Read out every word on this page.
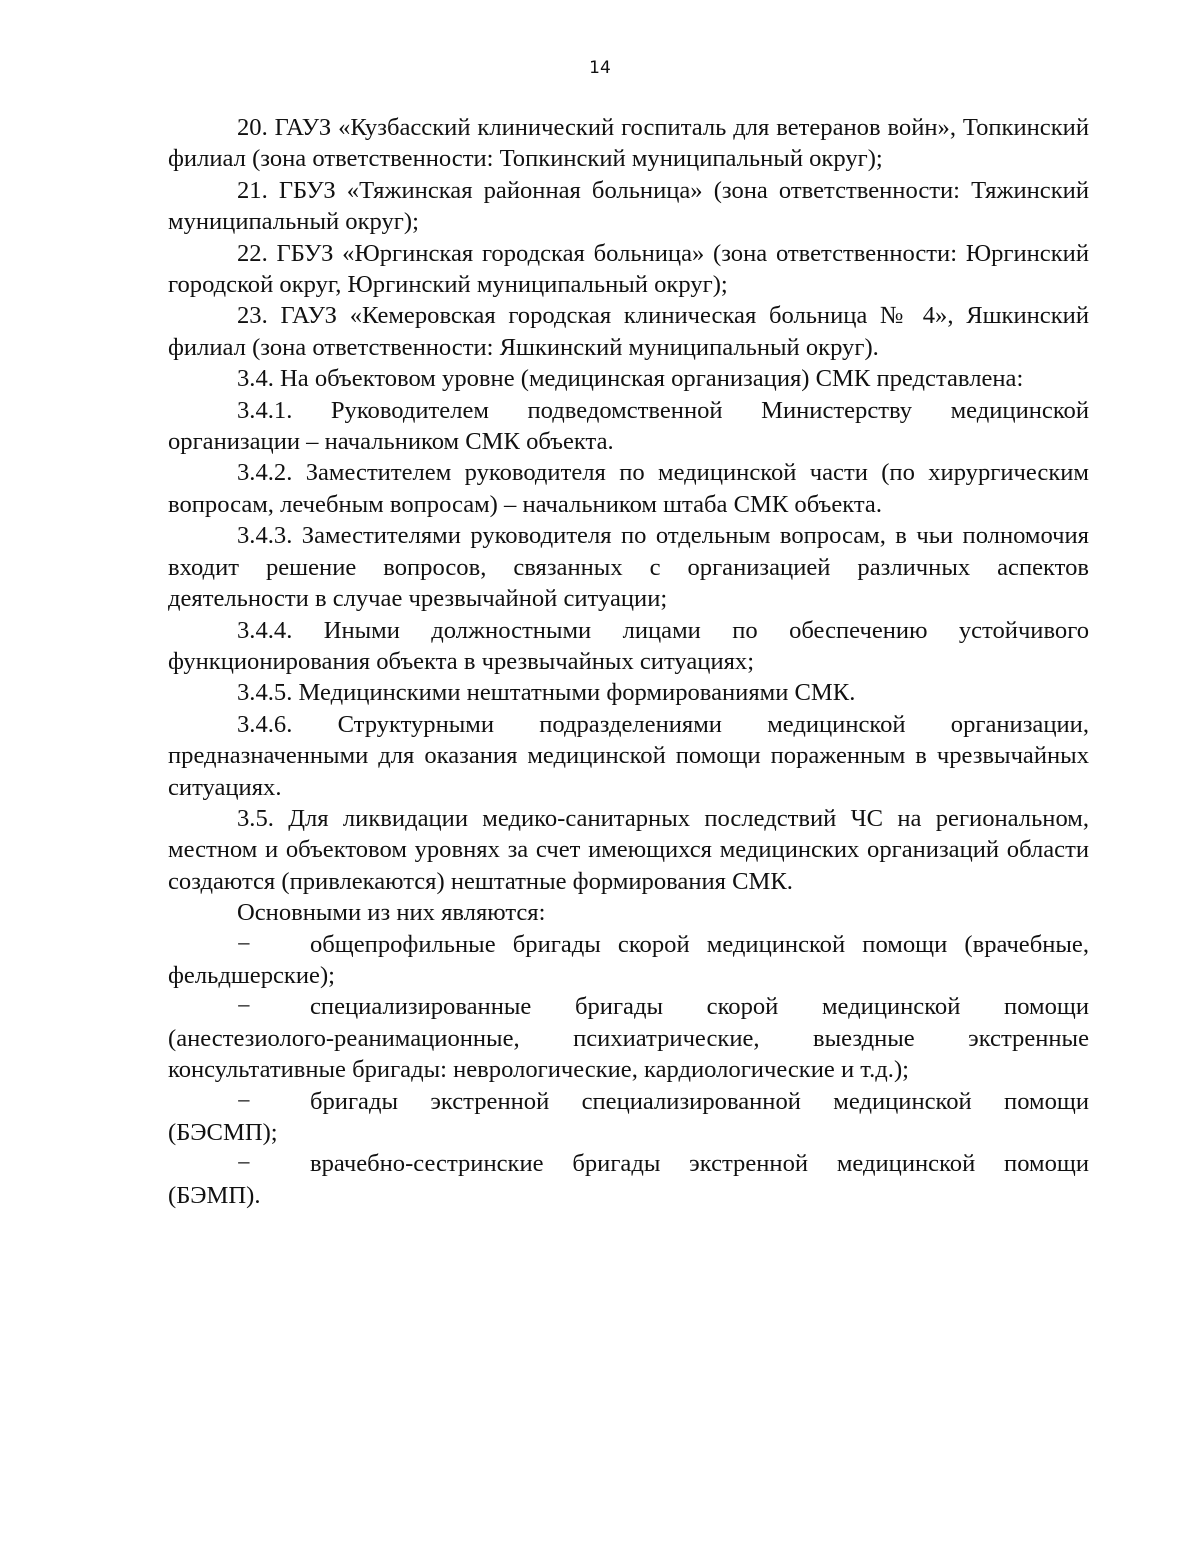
14

20. ГАУЗ «Кузбасский клинический госпиталь для ветеранов войн», Топкинский филиал (зона ответственности: Топкинский муниципальный округ);

21. ГБУЗ «Тяжинская районная больница» (зона ответственности: Тяжинский муниципальный округ);

22. ГБУЗ «Юргинская городская больница» (зона ответственности: Юргинский городской округ, Юргинский муниципальный округ);

23. ГАУЗ «Кемеровская городская клиническая больница № 4», Яшкинский филиал (зона ответственности: Яшкинский муниципальный округ).

3.4. На объектовом уровне (медицинская организация) СМК представлена:

3.4.1. Руководителем подведомственной Министерству медицинской организации – начальником СМК объекта.

3.4.2. Заместителем руководителя по медицинской части (по хирургическим вопросам, лечебным вопросам) – начальником штаба СМК объекта.

3.4.3. Заместителями руководителя по отдельным вопросам, в чьи полномочия входит решение вопросов, связанных с организацией различных аспектов деятельности в случае чрезвычайной ситуации;

3.4.4. Иными должностными лицами по обеспечению устойчивого функционирования объекта в чрезвычайных ситуациях;

3.4.5. Медицинскими нештатными формированиями СМК.

3.4.6. Структурными подразделениями медицинской организации, предназначенными для оказания медицинской помощи пораженным в чрезвычайных ситуациях.

3.5. Для ликвидации медико-санитарных последствий ЧС на региональном, местном и объектовом уровнях за счет имеющихся медицинских организаций области создаются (привлекаются) нештатные формирования СМК.

Основными из них являются:

− общепрофильные бригады скорой медицинской помощи (врачебные, фельдшерские);

− специализированные бригады скорой медицинской помощи (анестезиолого-реанимационные, психиатрические, выездные экстренные консультативные бригады: неврологические, кардиологические и т.д.);

− бригады экстренной специализированной медицинской помощи (БЭСМП);

− врачебно-сестринские бригады экстренной медицинской помощи (БЭМП).
